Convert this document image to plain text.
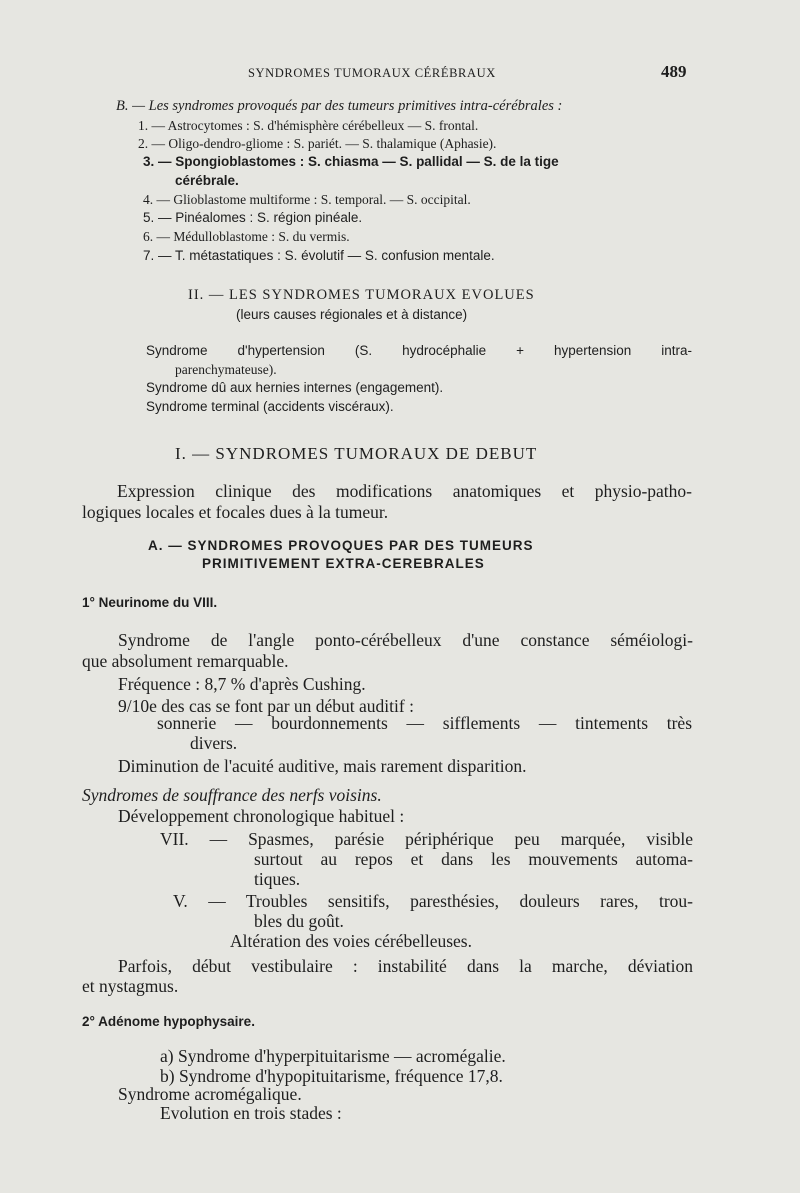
SYNDROMES TUMORAUX CÉRÉBRAUX	489
B. — Les syndromes provoqués par des tumeurs primitives intra-cérébrales :
1. — Astrocytomes : S. d'hémisphère cérébelleux — S. frontal.
2. — Oligo-dendro-gliome : S. pariét. — S. thalamique (Aphasie).
3. — Spongioblastomes : S. chiasma — S. pallidal — S. de la tige
cérébrale.
4. — Glioblastome multiforme : S. temporal. — S. occipital.
5. — Pinéalomes : S. région pinéale.
6. — Médulloblastome : S. du vermis.
7. — T. métastatiques : S. évolutif — S. confusion mentale.
II. — LES SYNDROMES TUMORAUX EVOLUES
(leurs causes régionales et à distance)
Syndrome d'hypertension (S. hydrocéphalie + hypertension intra-
parenchymateuse).
Syndrome dû aux hernies internes (engagement).
Syndrome terminal (accidents viscéraux).
I. — SYNDROMES TUMORAUX DE DEBUT
Expression clinique des modifications anatomiques et physio-patho-
logiques locales et focales dues à la tumeur.
A. — SYNDROMES PROVOQUES PAR DES TUMEURS
PRIMITIVEMENT EXTRA-CEREBRALES
1° Neurinome du VIII.
Syndrome de l'angle ponto-cérébelleux d'une constance séméiologi-
que absolument remarquable.
Fréquence : 8,7 % d'après Cushing.
9/10e des cas se font par un début auditif :
sonnerie — bourdonnements — sifflements — tintements très
divers.
Diminution de l'acuité auditive, mais rarement disparition.
Syndromes de souffrance des nerfs voisins.
Développement chronologique habituel :
VII. — Spasmes, parésie périphérique peu marquée, visible
surtout au repos et dans les mouvements automa-
tiques.
V. — Troubles sensitifs, paresthésies, douleurs rares, trou-
bles du goût.
Altération des voies cérébelleuses.
Parfois, début vestibulaire : instabilité dans la marche, déviation
et nystagmus.
2° Adénome hypophysaire.
a) Syndrome d'hyperpituitarisme — acromégalie.
b) Syndrome d'hypopituitarisme, fréquence 17,8.
Syndrome acromégalique.
Evolution en trois stades :
